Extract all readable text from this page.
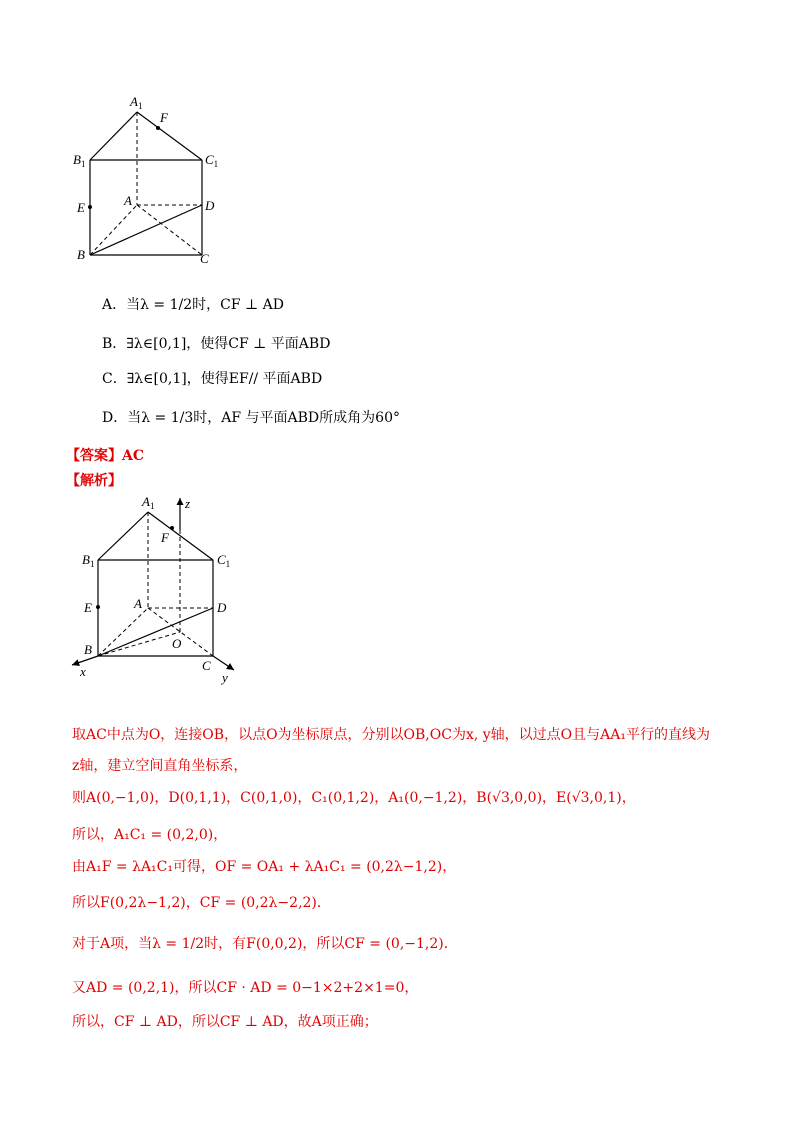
$A_1$
F
$B_1$	$C_1$
E	A	D
B	C
A．当λ = 1/2时，CF ⊥ AD
B．∃λ∈[0,1]，使得CF ⊥ 平面ABD
C．∃λ∈[0,1]，使得EF// 平面ABD
D．当λ = 1/3时，AF 与平面ABD所成角为60°
【答案】AC
【解析】
$A_1$ z
F
$B_1$	$C_1$
E	A	D
O
B
C
x	y
取AC中点为O，连接OB，以点O为坐标原点，分别以OB,OC为x, y轴，以过点O且与AA₁平行的直线为
z轴，建立空间直角坐标系，
则A(0,−1,0)，D(0,1,1)，C(0,1,0)，C₁(0,1,2)，A₁(0,−1,2)，B(√3,0,0)，E(√3,0,1)，
所以，A₁C₁ = (0,2,0)，
由A₁F = λA₁C₁可得，OF = OA₁ + λA₁C₁ = (0,2λ−1,2)，
所以F(0,2λ−1,2)，CF = (0,2λ−2,2)．
对于A项，当λ = 1/2时，有F(0,0,2)，所以CF = (0,−1,2)．
又AD = (0,2,1)，所以CF · AD = 0−1×2+2×1=0，
所以，CF ⊥ AD，所以CF ⊥ AD，故A项正确；
